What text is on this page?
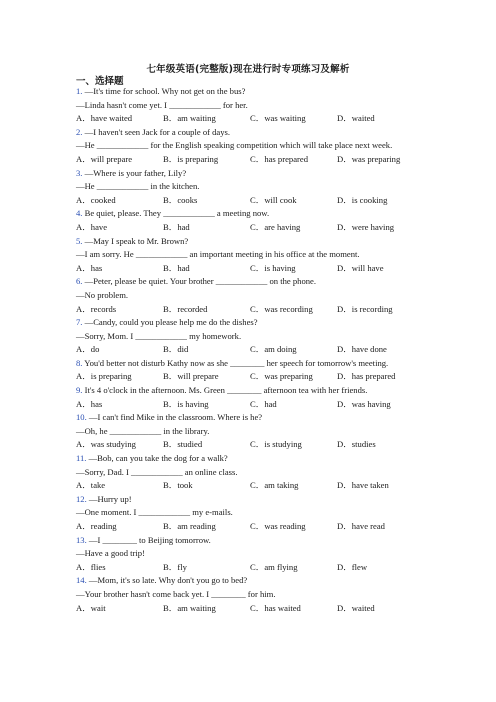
七年级英语(完整版)现在进行时专项练习及解析
一、选择题
1. —It's time for school. Why not get on the bus?
—Linda hasn't come yet. I ____________ for her.
A．have waited	B．am waiting	C．was waiting	D．waited
2. —I haven't seen Jack for a couple of days.
—He ____________ for the English speaking competition which will take place next week.
A．will prepare	B．is preparing	C．has prepared	D．was preparing
3. —Where is your father, Lily?
—He ____________ in the kitchen.
A．cooked	B．cooks	C．will cook	D．is cooking
4. Be quiet, please. They ____________ a meeting now.
A．have	B．had	C．are having	D．were having
5. —May I speak to Mr. Brown?
—I am sorry. He ____________ an important meeting in his office at the moment.
A．has	B．had	C．is having	D．will have
6. —Peter, please be quiet. Your brother ____________ on the phone.
—No problem.
A．records	B．recorded	C．was recording	D．is recording
7. —Candy, could you please help me do the dishes?
—Sorry, Mom. I ____________ my homework.
A．do	B．did	C．am doing	D．have done
8. You'd better not disturb Kathy now as she ________ her speech for tomorrow's meeting.
A．is preparing	B．will prepare	C．was preparing	D．has prepared
9. It's 4 o'clock in the afternoon. Ms. Green ________ afternoon tea with her friends.
A．has	B．is having	C．had	D．was having
10. —I can't find Mike in the classroom. Where is he?
—Oh, he ____________ in the library.
A．was studying	B．studied	C．is studying	D．studies
11. —Bob, can you take the dog for a walk?
—Sorry, Dad. I ____________ an online class.
A．take	B．took	C．am taking	D．have taken
12. —Hurry up!
—One moment. I ____________ my e-mails.
A．reading	B．am reading	C．was reading	D．have read
13. —I ________ to Beijing tomorrow.
—Have a good trip!
A．flies	B．fly	C．am flying	D．flew
14. —Mom, it's so late. Why don't you go to bed?
—Your brother hasn't come back yet. I ________ for him.
A．wait	B．am waiting	C．has waited	D．waited
